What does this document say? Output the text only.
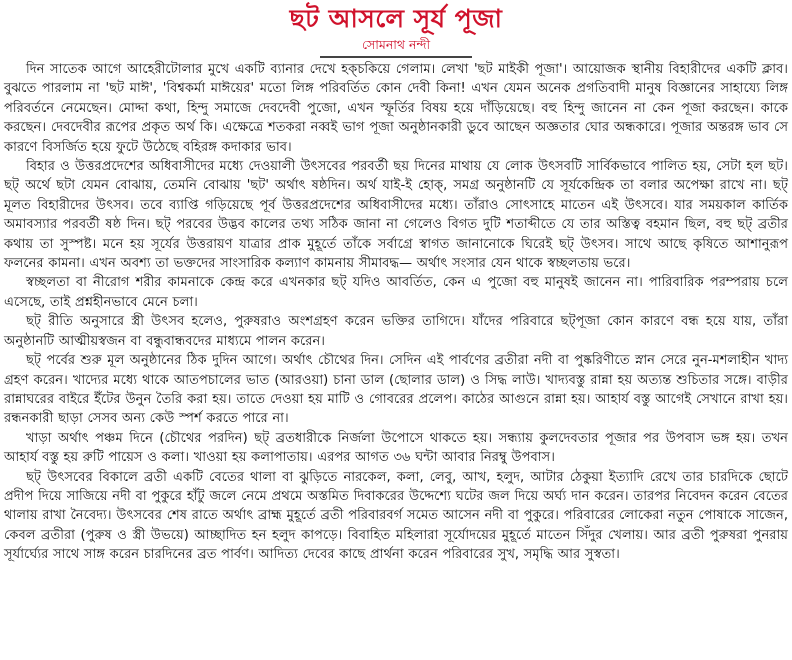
ছট আসলে সূর্য পূজা
সোমনাথ নন্দী

দিন সাতেক আগে আহেরীটোলার মুখে একটি ব্যানার দেখে হক্চকিয়ে গেলাম। লেখা 'ছট মাইকী পূজা'। আয়োজক স্থানীয় বিহারীদের একটি ক্লাব। বুঝতে পারলাম না 'ছট মাঈ', 'বিশ্বকর্মা মাঈয়ের' মতো লিঙ্গ পরিবর্তিত কোন দেবী কিনা! এখন যেমন অনেক প্রগতিবাদী মানুষ বিজ্ঞানের সাহায্যে লিঙ্গ পরিবর্তনে নেমেছেন। মোদ্দা কথা, হিন্দু সমাজে দেবদেবী পুজো, এখন স্ফূর্তির বিষয় হয়ে দাঁড়িয়েছে। বহু হিন্দু জানেন না কেন পূজা করছেন। কাকে করছেন। দেবদেবীর রূপের প্রকৃত অর্থ কি। এক্ষেত্রে শতকরা নব্বই ভাগ পূজা অনুষ্ঠানকারী ডুবে আছেন অজ্ঞতার ঘোর অন্ধকারে। পূজার অন্তরঙ্গ ভাব সে কারণে বিসর্জিত হয়ে ফুটে উঠেছে বহিরঙ্গ কদাকার ভাব।

বিহার ও উত্তরপ্রদেশের অধিবাসীদের মধ্যে দেওয়ালী উৎসবের পরবর্তী ছয় দিনের মাথায় যে লোক উৎসবটি সার্বিকভাবে পালিত হয়, সেটা হল ছট। ছট্ অর্থে ছটা যেমন বোঝায়, তেমনি বোঝায় 'ছট' অর্থাৎ ষষ্ঠদিন। অর্থ যাই-ই হোক্, সমগ্র অনুষ্ঠানটি যে সূর্যকেন্দ্রিক তা বলার অপেক্ষা রাখে না। ছট্ মূলত বিহারীদের উৎসব। তবে ব্যাপ্তি গড়িয়েছে পূর্ব উত্তরপ্রদেশের অধিবাসীদের মধ্যে। তাঁরাও সোৎসাহে মাতেন এই উৎসবে। যার সময়কাল কার্তিক অমাবস্যার পরবর্তী ষষ্ঠ দিন। ছট্ পরবের উদ্ভব কালের তথ্য সঠিক জানা না গেলেও বিগত দুটি শতাব্দীতে যে তার অস্তিত্ব বহমান ছিল, বহু ছট্ ব্রতীর কথায় তা সুস্পষ্ট। মনে হয় সূর্যের উত্তরায়ণ যাত্রার প্রাক মুহূর্তে তাঁকে সর্বাগ্রে স্বাগত জানানোকে ঘিরেই ছট্ উৎসব। সাথে আছে কৃষিতে আশানুরূপ ফলনের কামনা। এখন অবশ্য তা ভক্তদের সাংসারিক কল্যাণ কামনায় সীমাবদ্ধ— অর্থাৎ সংসার যেন থাকে স্বচ্ছলতায় ভরে।

স্বচ্ছলতা বা নীরোগ শরীর কামনাকে কেন্দ্র করে এখনকার ছট্ যদিও আবর্তিত, কেন এ পুজো বহু মানুষই জানেন না। পারিবারিক পরম্পরায় চলে এসেছে, তাই প্রশ্নহীনভাবে মেনে চলা।

ছট্ রীতি অনুসারে স্ত্রী উৎসব হলেও, পুরুষরাও অংশগ্রহণ করেন ভক্তির তাগিদে। যাঁদের পরিবারে ছট্পূজা কোন কারণে বন্ধ হয়ে যায়, তাঁরা অনুষ্ঠানটি আত্মীয়স্বজন বা বন্ধুবান্ধবদের মাধ্যমে পালন করেন।

ছট্ পর্বের শুরু মূল অনুষ্ঠানের ঠিক দুদিন আগে। অর্থাৎ চৌথের দিন। সেদিন এই পার্বণের ব্রতীরা নদী বা পুষ্করিণীতে স্নান সেরে নুন-মশলাহীন খাদ্য গ্রহণ করেন। খাদ্যের মধ্যে থাকে আতপচালের ভাত (আরওয়া) চানা ডাল (ছোলার ডাল) ও সিদ্ধ লাউ। খাদ্যবস্তু রান্না হয় অত্যন্ত শুচিতার সঙ্গে। বাড়ীর রান্নাঘরের বাইরে ইঁটের উনুন তৈরি করা হয়। তাতে দেওয়া হয় মাটি ও গোবরের প্রলেপ। কাঠের আগুনে রান্না হয়। আহার্য বস্তু আগেই সেখানে রাখা হয়। রন্ধনকারী ছাড়া সেসব অন্য কেউ স্পর্শ করতে পারে না।

খাড়া অর্থাৎ পঞ্চম দিনে (চৌথের পরদিন) ছট্ ব্রতধারীকে নির্জলা উপোসে থাকতে হয়। সন্ধ্যায় কুলদেবতার পূজার পর উপবাস ভঙ্গ হয়। তখন আহার্য বস্তু হয় রুটি পায়েস ও কলা। খাওয়া হয় কলাপাতায়। এরপর আগত ৩৬ ঘন্টা আবার নিরম্বু উপবাস।

ছট্ উৎসবের বিকালে ব্রতী একটি বেতের থালা বা ঝুড়িতে নারকেল, কলা, লেবু, আখ, হলুদ, আটার ঠেকুয়া ইত্যাদি রেখে তার চারদিকে ছোটে প্রদীপ দিয়ে সাজিয়ে নদী বা পুকুরে হাঁটু জলে নেমে প্রথমে অস্তমিত দিবাকরের উদ্দেশ্যে ঘটের জল দিয়ে অর্ঘ্য দান করেন। তারপর নিবেদন করেন বেতের থালায় রাখা নৈবেদ্য। উৎসবের শেষ রাতে অর্থাৎ ব্রাহ্ম মুহূর্তে ব্রতী পরিবারবর্গ সমেত আসেন নদী বা পুকুরে। পরিবারের লোকেরা নতুন পোষাকে সাজেন, কেবল ব্রতীরা (পুরুষ ও স্ত্রী উভয়ে) আচ্ছাদিত হন হলুদ কাপড়ে। বিবাহিত মহিলারা সূর্যোদয়ের মুহূর্তে মাতেন সিঁদুর খেলায়। আর ব্রতী পুরুষরা পুনরায় সূর্যার্ঘ্যের সাথে সাঙ্গ করেন চারদিনের ব্রত পার্বণ। আদিত্য দেবের কাছে প্রার্থনা করেন পরিবারের সুখ, সমৃদ্ধি আর সুস্বতা।
